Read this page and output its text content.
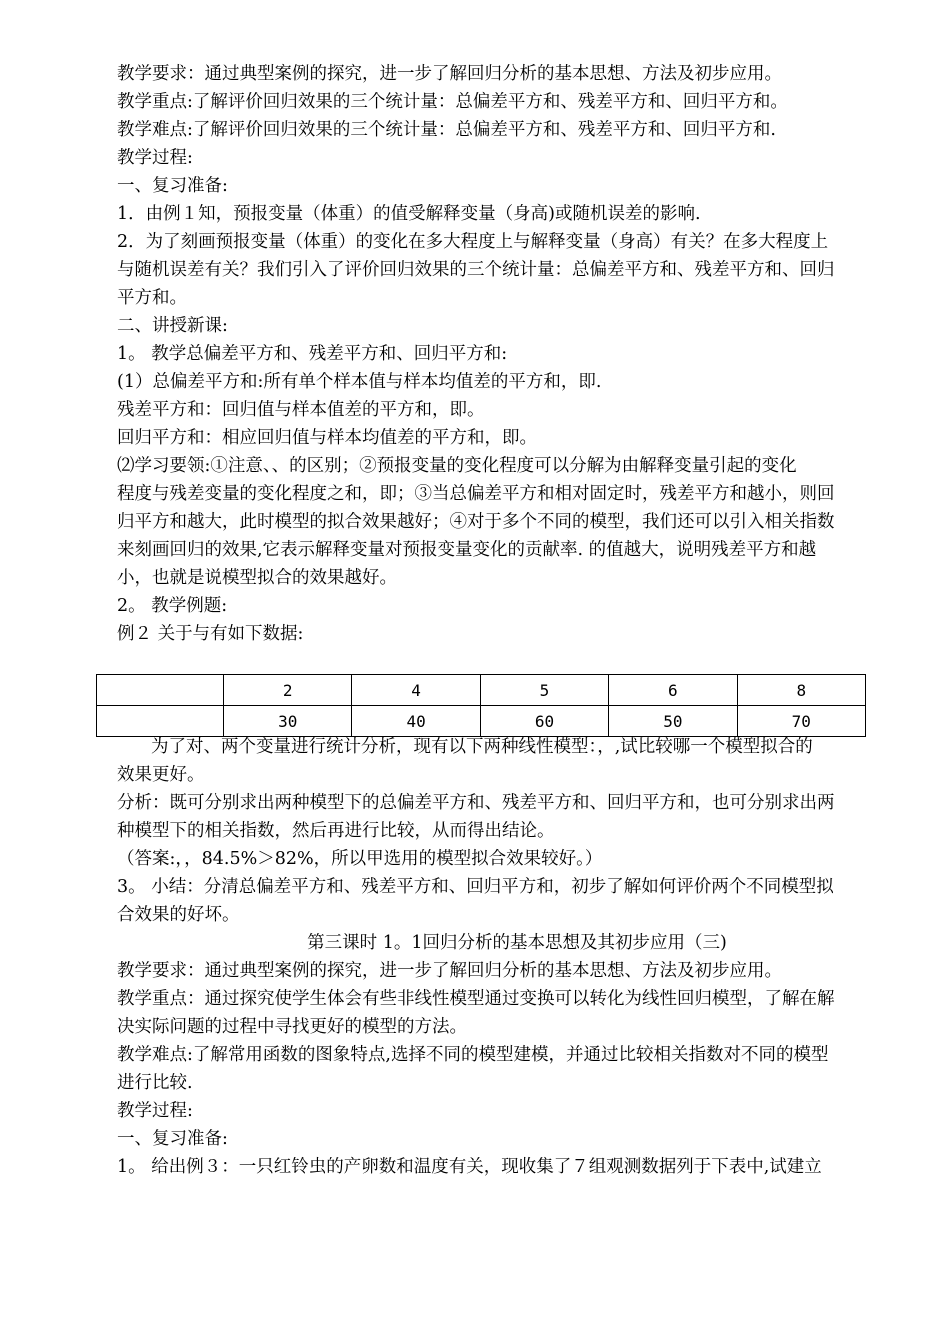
教学要求：通过典型案例的探究，进一步了解回归分析的基本思想、方法及初步应用。
教学重点:了解评价回归效果的三个统计量：总偏差平方和、残差平方和、回归平方和。
教学难点:了解评价回归效果的三个统计量：总偏差平方和、残差平方和、回归平方和.
教学过程:
一、复习准备:
1．由例１知，预报变量（体重）的值受解释变量（身高)或随机误差的影响.
2．为了刻画预报变量（体重）的变化在多大程度上与解释变量（身高）有关？在多大程度上
与随机误差有关？我们引入了评价回归效果的三个统计量：总偏差平方和、残差平方和、回归
平方和。
二、讲授新课:
1。 教学总偏差平方和、残差平方和、回归平方和:
(1）总偏差平方和:所有单个样本值与样本均值差的平方和，即.
残差平方和：回归值与样本值差的平方和，即。
回归平方和：相应回归值与样本均值差的平方和，即。
⑵学习要领:①注意、、的区别；②预报变量的变化程度可以分解为由解释变量引起的变化
程度与残差变量的变化程度之和，即；③当总偏差平方和相对固定时，残差平方和越小，则回
归平方和越大，此时模型的拟合效果越好；④对于多个不同的模型，我们还可以引入相关指数
来刻画回归的效果,它表示解释变量对预报变量变化的贡献率. 的值越大，说明残差平方和越
小，也就是说模型拟合的效果越好。
2。 教学例题:
例２ 关于与有如下数据:
	2	4	5	6	8
	30	40	60	50	70
为了对、两个变量进行统计分析，现有以下两种线性模型：，,试比较哪一个模型拟合的
效果更好。
分析：既可分别求出两种模型下的总偏差平方和、残差平方和、回归平方和，也可分别求出两
种模型下的相关指数，然后再进行比较，从而得出结论。
（答案:，，84.5%＞82%，所以甲选用的模型拟合效果较好。）
3。 小结：分清总偏差平方和、残差平方和、回归平方和，初步了解如何评价两个不同模型拟
合效果的好坏。
第三课时 1。1回归分析的基本思想及其初步应用（三)
教学要求：通过典型案例的探究，进一步了解回归分析的基本思想、方法及初步应用。
教学重点：通过探究使学生体会有些非线性模型通过变换可以转化为线性回归模型，了解在解
决实际问题的过程中寻找更好的模型的方法。
教学难点:了解常用函数的图象特点,选择不同的模型建模，并通过比较相关指数对不同的模型
进行比较.
教学过程:
一、复习准备:
1。 给出例３：一只红铃虫的产卵数和温度有关，现收集了７组观测数据列于下表中,试建立
